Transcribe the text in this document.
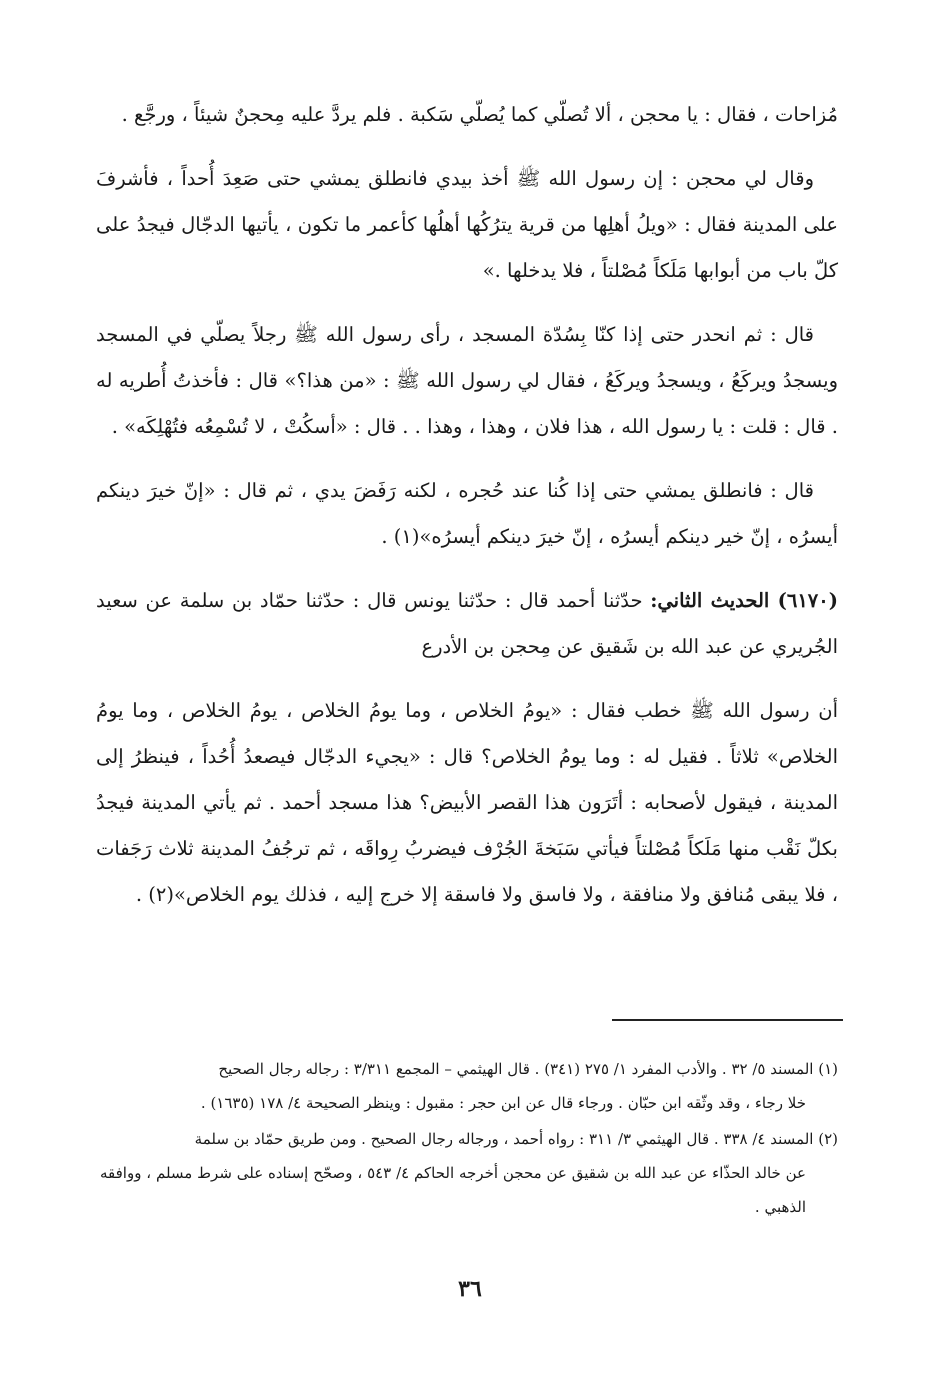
مُزاحات ، فقال : يا محجن ، ألا تُصلّي كما يُصلّي سَكبة . فلم يردَّ عليه مِحجنٌ شيئاً ، ورجَّع .

وقال لي محجن : إن رسول الله ﷺ أخذ بيدي فانطلق يمشي حتى صَعِدَ أُحداً ، فأشرفَ على المدينة فقال : «ويلُ أهلِها من قرية يترُكُها أهلُها كأعمر ما تكون ، يأتيها الدجّال فيجدُ على كلّ باب من أبوابها مَلَكاً مُصْلتاً ، فلا يدخلها .»

قال : ثم انحدر حتى إذا كنّا بِسُدّة المسجد ، رأى رسول الله ﷺ رجلاً يصلّي في المسجد ويسجدُ ويركَعُ ، ويسجدُ ويركَعُ ، فقال لي رسول الله ﷺ : «من هذا؟» قال : فأخذتُ أُطريه له . قال : قلت : يا رسول الله ، هذا فلان ، وهذا ، وهذا . . قال : «أسكُتْ ، لا تُسْمِعُه فتُهْلِكَه» .

قال : فانطلق يمشي حتى إذا كُنا عند حُجره ، لكنه رَفَضَ يدي ، ثم قال : «إنّ خيرَ دينكم أيسرُه ، إنّ خير دينكم أيسرُه ، إنّ خيرَ دينكم أيسرُه»(١) .

(٦١٧٠) الحديث الثاني: حدّثنا أحمد قال : حدّثنا يونس قال : حدّثنا حمّاد بن سلمة عن سعيد الجُريري عن عبد الله بن شَقيق عن مِحجن بن الأدرع

أن رسول الله ﷺ خطب فقال : «يومُ الخلاص ، وما يومُ الخلاص ، يومُ الخلاص ، وما يومُ الخلاص» ثلاثاً . فقيل له : وما يومُ الخلاص؟ قال : «يجيء الدجّال فيصعدُ أُحُداً ، فينظرُ إلى المدينة ، فيقول لأصحابه : أتَرَون هذا القصر الأبيض؟ هذا مسجد أحمد . ثم يأتي المدينة فيجدُ بكلّ نَقْب منها مَلَكاً مُصْلتاً فيأتي سَبَخةَ الجُرْف فيضربُ رِواقَه ، ثم ترجُفُ المدينة ثلاث رَجَفات ، فلا يبقى مُنافق ولا منافقة ، ولا فاسق ولا فاسقة إلا خرج إليه ، فذلك يوم الخلاص»(٢) .

(١) المسند ٥/ ٣٢ . والأدب المفرد ١/ ٢٧٥ (٣٤١) . قال الهيثمي – المجمع ٣/٣١١ : رجاله رجال الصحيح
خلا رجاء ، وقد وثّقه ابن حبّان . ورجاء قال عن ابن حجر : مقبول : وينظر الصحيحة ٤/ ١٧٨ (١٦٣٥) .
(٢) المسند ٤/ ٣٣٨ . قال الهيثمي ٣/ ٣١١ : رواه أحمد ، ورجاله رجال الصحيح . ومن طريق حمّاد بن سلمة
عن خالد الحذّاء عن عبد الله بن شقيق عن محجن أخرجه الحاكم ٤/ ٥٤٣ ، وصحّح إسناده على شرط مسلم ، ووافقه الذهبي .
٣٦
